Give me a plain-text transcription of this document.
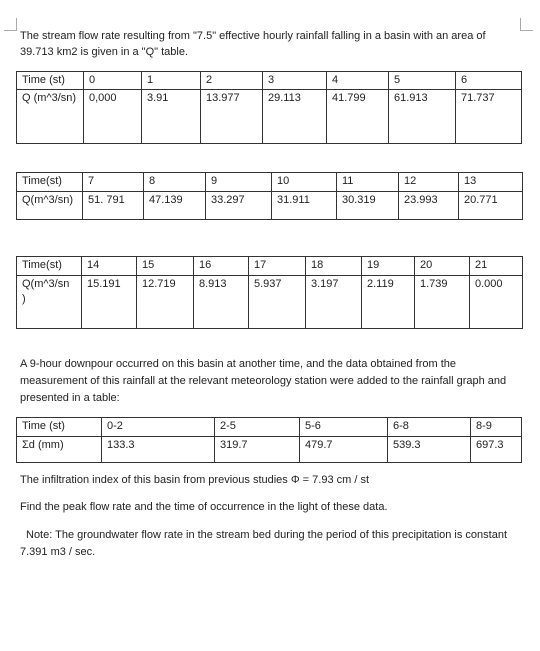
The stream flow rate resulting from "7.5" effective hourly rainfall falling in a basin with an area of 39.713 km2 is given in a "Q" table.
Time (st)	0	1	2	3	4	5	6
Q (m^3/sn)	0,000	3.91	13.977	29.113	41.799	61.913	71.737
Time(st)	7	8	9	10	11	12	13
Q(m^3/sn)	51. 791	47.139	33.297	31.911	30.319	23.993	20.771
Time(st)	14	15	16	17	18	19	20	21
Q(m^3/sn )	15.191	12.719	8.913	5.937	3.197	2.119	1.739	0.000
A 9-hour downpour occurred on this basin at another time, and the data obtained from the measurement of this rainfall at the relevant meteorology station were added to the rainfall graph and presented in a table:
Time (st)	0-2	2-5	5-6	6-8	8-9
Σd (mm)	133.3	319.7	479.7	539.3	697.3
The infiltration index of this basin from previous studies Φ = 7.93 cm / st
Find the peak flow rate and the time of occurrence in the light of these data.
Note: The groundwater flow rate in the stream bed during the period of this precipitation is constant 7.391 m3 / sec.
